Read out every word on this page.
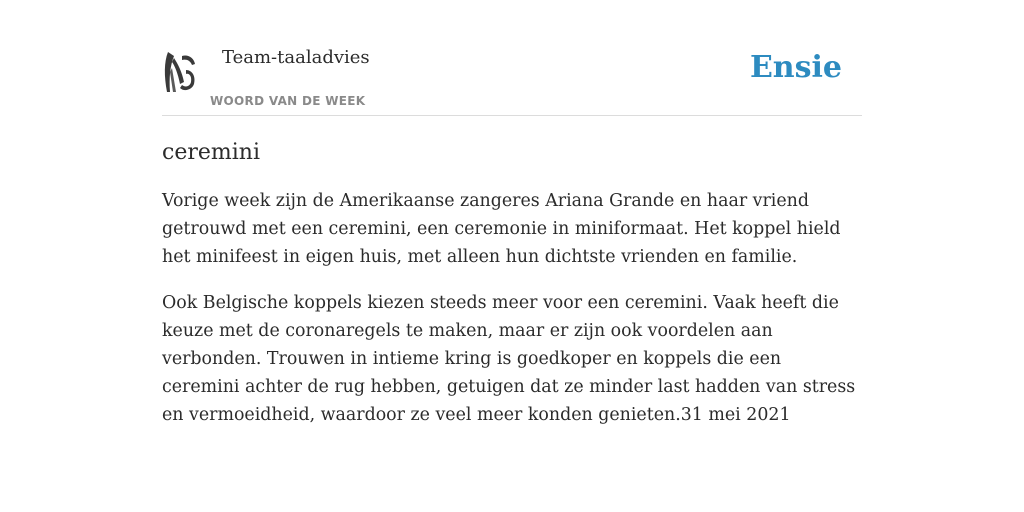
Team-taaladvies
WOORD VAN DE WEEK
Ensie
ceremini

Vorige week zijn de Amerikaanse zangeres Ariana Grande en haar vriend getrouwd met een ceremini, een ceremonie in miniformaat. Het koppel hield het minifeest in eigen huis, met alleen hun dichtste vrienden en familie.

Ook Belgische koppels kiezen steeds meer voor een ceremini. Vaak heeft die keuze met de coronaregels te maken, maar er zijn ook voordelen aan verbonden. Trouwen in intieme kring is goedkoper en koppels die een ceremini achter de rug hebben, getuigen dat ze minder last hadden van stress en vermoeidheid, waardoor ze veel meer konden genieten.31 mei 2021
